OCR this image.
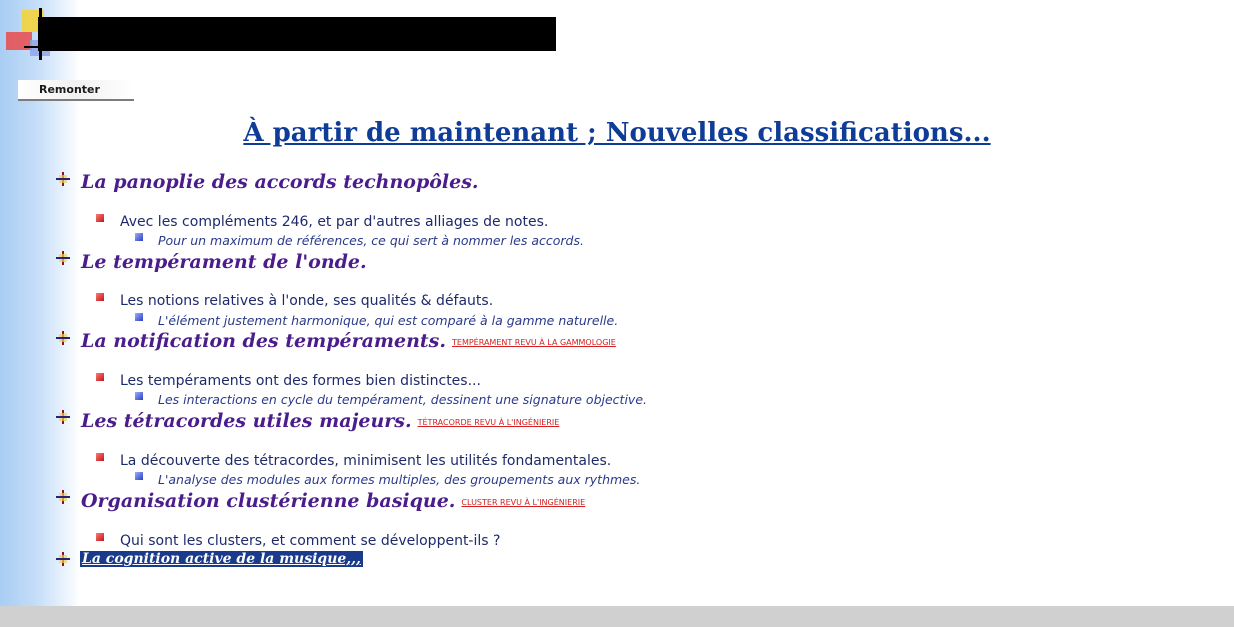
Remonter
À partir de maintenant ; Nouvelles classifications...
La panoplie des accords technopôles.
Avec les compléments 246, et par d'autres alliages de notes.
Pour un maximum de références, ce qui sert à nommer les accords.
Le tempérament de l'onde.
Les notions relatives à l'onde, ses qualités & défauts.
L'élément justement harmonique, qui est comparé à la gamme naturelle.
La notification des tempéraments. TEMPÉRAMENT REVU À LA GAMMOLOGIE
Les tempéraments ont des formes bien distinctes...
Les interactions en cycle du tempérament, dessinent une signature objective.
Les tétracordes utiles majeurs. TÉTRACORDE REVU À L'INGÉNIERIE
La découverte des tétracordes, minimisent les utilités fondamentales.
L'analyse des modules aux formes multiples, des groupements aux rythmes.
Organisation clustérienne basique. CLUSTER REVU À L'INGÉNIERIE
Qui sont les clusters, et comment se développent-ils ?
La cognition active de la musique,,,
